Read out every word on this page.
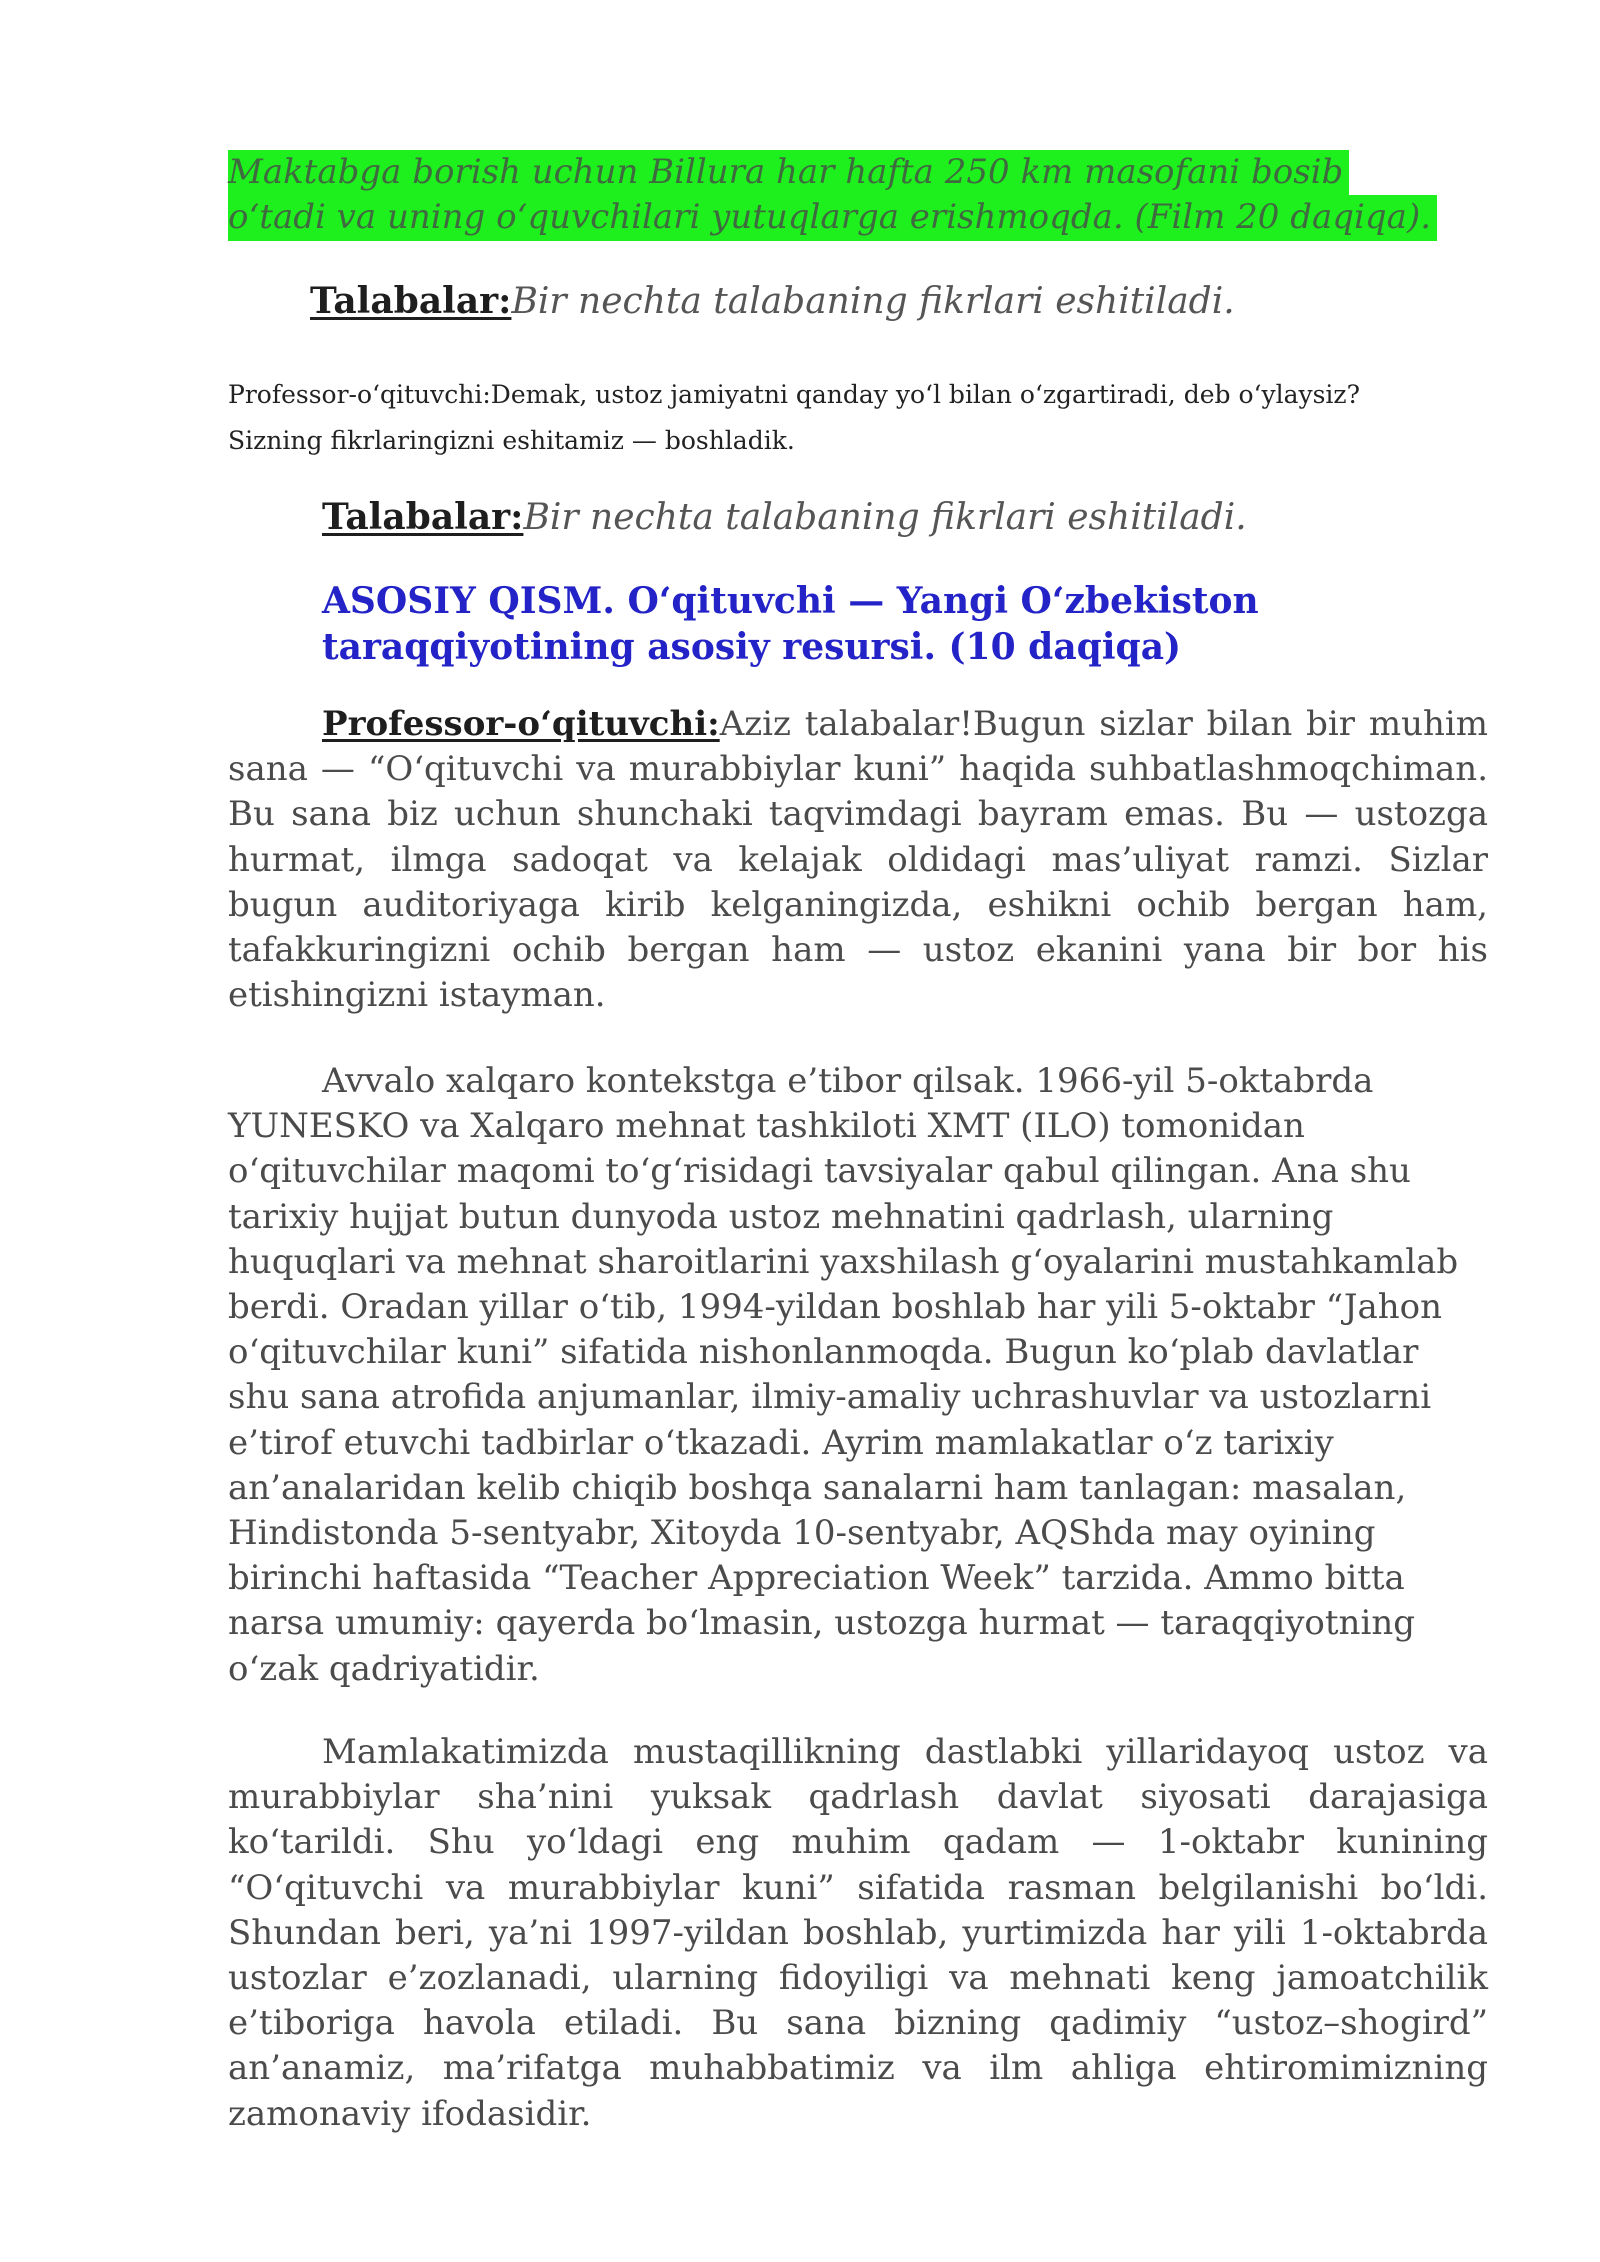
Maktabga borish uchun Billura har hafta 250 km masofani bosib o‘tadi va uning o‘quvchilari yutuqlarga erishmoqda. (Film 20 daqiqa).
Talabalar:Bir nechta talabaning fikrlari eshitiladi.
Professor-o‘qituvchi:Demak, ustoz jamiyatni qanday yo‘l bilan o‘zgartiradi, deb o‘ylaysiz? Sizning fikrlaringizni eshitamiz — boshladik.
Talabalar:Bir nechta talabaning fikrlari eshitiladi.
ASOSIY QISM. O‘qituvchi — Yangi O‘zbekiston taraqqiyotining asosiy resursi. (10 daqiqa)

Professor-o‘qituvchi:Aziz talabalar!Bugun sizlar bilan bir muhim sana — “O‘qituvchi va murabbiylar kuni” haqida suhbatlashmoqchiman. Bu sana biz uchun shunchaki taqvimdagi bayram emas. Bu — ustozga hurmat, ilmga sadoqat va kelajak oldidagi mas’uliyat ramzi. Sizlar bugun auditoriyaga kirib kelganingizda, eshikni ochib bergan ham, tafakkuringizni ochib bergan ham — ustoz ekanini yana bir bor his etishingizni istayman.

Avvalo xalqaro kontekstga e’tibor qilsak. 1966-yil 5-oktabrda YUNESKO va Xalqaro mehnat tashkiloti XMT (ILO) tomonidan o‘qituvchilar maqomi to‘g‘risidagi tavsiyalar qabul qilingan. Ana shu tarixiy hujjat butun dunyoda ustoz mehnatini qadrlash, ularning huquqlari va mehnat sharoitlarini yaxshilash g‘oyalarini mustahkamlab berdi. Oradan yillar o‘tib, 1994-yildan boshlab har yili 5-oktabr “Jahon o‘qituvchilar kuni” sifatida nishonlanmoqda. Bugun ko‘plab davlatlar shu sana atrofida anjumanlar, ilmiy-amaliy uchrashuvlar va ustozlarni e’tirof etuvchi tadbirlar o‘tkazadi. Ayrim mamlakatlar o‘z tarixiy an’analaridan kelib chiqib boshqa sanalarni ham tanlagan: masalan, Hindistonda 5-sentyabr, Xitoyda 10-sentyabr, AQShda may oyining birinchi haftasida “Teacher Appreciation Week” tarzida. Ammo bitta narsa umumiy: qayerda bo‘lmasin, ustozga hurmat — taraqqiyotning o‘zak qadriyatidir.

Mamlakatimizda mustaqillikning dastlabki yillaridayoq ustoz va murabbiylar sha’nini yuksak qadrlash davlat siyosati darajasiga ko‘tarildi. Shu yo‘ldagi eng muhim qadam — 1-oktabr kunining “O‘qituvchi va murabbiylar kuni” sifatida rasman belgilanishi bo‘ldi. Shundan beri, ya’ni 1997-yildan boshlab, yurtimizda har yili 1-oktabrda ustozlar e’zozlanadi, ularning fidoyiligi va mehnati keng jamoatchilik e’tiboriga havola etiladi. Bu sana bizning qadimiy “ustoz–shogird” an’anamiz, ma’rifatga muhabbatimiz va ilm ahliga ehtiromimizning zamonaviy ifodasidir.
